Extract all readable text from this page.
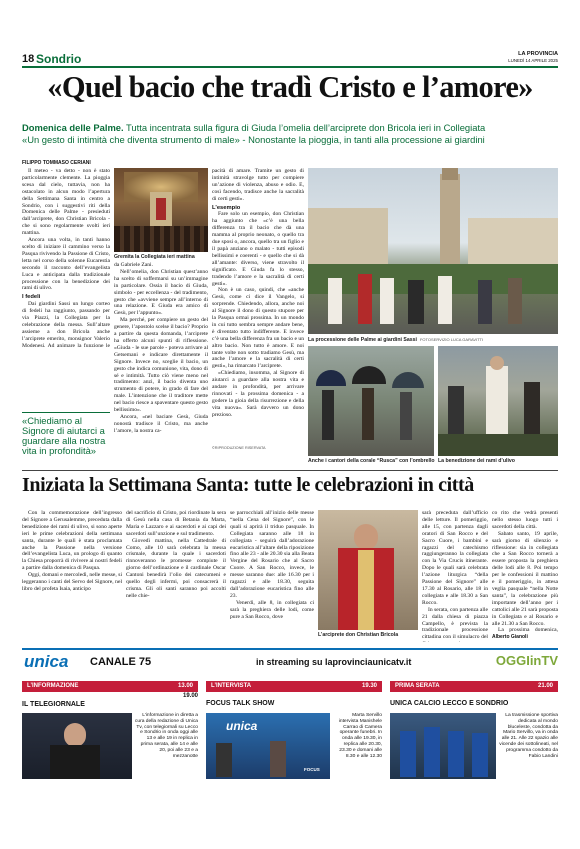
18 Sondrio	LA PROVINCIA
LUNEDÌ 14 APRILE 2025
«Quel bacio che tradì Cristo e l’amore»
Domenica delle Palme. Tutta incentrata sulla figura di Giuda l’omelia dell’arciprete don Bricola ieri in Collegiata
«Un gesto di intimità che diventa strumento di male» - Nonostante la pioggia, in tanti alla processione ai giardini
FILIPPO TOMMASO CERIANI

Il meteo - va detto - non è stato particolarmente clemente. La pioggia scesa dal cielo, tuttavia, non ha ostacolato in alcun modo l’apertura della Settimana Santa in centro a Sondrio, con i suggestivi riti della Domenica delle Palme - presieduti dall’arciprete, don Christian Bricola - che si sono regolarmente svolti ieri mattina.

Ancora una volta, in tanti hanno scelto di iniziare il cammino verso la Pasqua rivivendo la Passione di Cristo, letta nel corso della solenne Eucarestia secondo il racconto dell’evangelista Luca e anticipata dalla tradizionale processione con la benedizione dei rami di ulivo.

I fedeli

Dai giardini Sassi un lungo corteo di fedeli ha raggiunto, passando per via Piazzi, la Collegiata per la celebrazione della messa. Sull’altare assieme a don Bricola anche l’arciprete emerito, monsignor Valerio Modenesi. Ad animare la funzione le

«Chiediamo al Signore di aiutarci a guardare alla nostra vita in profondità»
Gremita la Collegiata ieri mattina

da Gabriele Zani.

Nell’omelia, don Christian quest’anno ha scelto di soffermarsi su un’immagine in particolare. Ossia il bacio di Giuda, simbolo - per eccellenza - del tradimento, gesto che «avviene sempre all’interno di una relazione. E Giuda era amico di Gesù, per l’appunto».

Ma perché, per compiere un gesto del genere, l’apostolo scelse il bacio? Proprio a partire da questa domanda, l’arciprete ha offerto alcuni spunti di riflessione. «Giuda - le sue parole - poteva arrivare al Getsemani e indicare direttamente il Signore. Invece no, sceglie il bacio, un gesto che indica comunione, vita, dono di sé e intimità. Tutto ciò viene meno nel tradimento: anzi, il bacio diventa uno strumento di potere, in grado di fare del male. L’intenzione che il traditore mette nel bacio riesce a spaventare questo gesto bellissimo».

Ancora, «nel baciare Gesù, Giuda nonostà tradisce il Cristo, ma anche l’amore, la nostra ca-

pacità di amare. Tramite un gesto di intimità stravolge tutto per compiere un’azione di violenza, abuso e odio. E, così facendo, tradisce anche la sacralità di certi gesti».

L’esempio

Fare solo un esempio, don Christian ha aggiunto che «c’è una bella differenza tra il bacio che dà una mamma al proprio neonato, o quello tra due sposi o, ancora, quello tra un figlio e il papà anziano o malato - tutti episodi bellissimi e coerenti - e quello che si dà all’amante: diverso, viene stravolto il significato. E Giuda fa lo stesso, tradendo l’amore e la sacralità di certi gesti».

Non è un caso, quindi, che «anche Gesù, come ci dice il Vangelo, si sorprende. Chiedendo, allora, anche noi al Signore il dono di questo stupore per la Pasqua ormai prossima. In un mondo in cui tutto sembra sempre andare bene, è diventato tutto indifferente. E invece c’è una bella differenza fra un bacio e un altro bacio. Non tutto è amore. E noi tante volte non sotto tradiamo Gesù, ma anche l’amore e la sacralità di certi gesti», ha rimarcato l’arciprete.

«Chiediamo, insomma, al Signore di aiutarci a guardare alla nostra vita e andare in profondità, per arrivare rinnovati - la prossima domenica - a godere la gioia della risurrezione e della vita nuova». Sarà davvero un dono prezioso.

©RIPRODUZIONE RISERVATA
La processione delle Palme ai giardini Sassi FOTOSERVIZIO LUCA GARAVITTI
Anche i cantori della corale “Rusca” con l’ombrello La benedizione dei rami d’ulivo
Iniziata la Settimana Santa: tutte le celebrazioni in città

Con la commemorazione dell’ingresso del Signore a Gerusalemme, preceduta dalla benedizione dei rami di ulivo, si sono aperte ieri le prime celebrazioni della settimana santa, durante le quali è stata proclamata anche la Passione nella versione dell’evangelista Luca, un prologo di quanto la Chiesa proporrà di rivivere ai nostri fedeli a partire dalla domenica di Pasqua.

Oggi, domani e mercoledì, nelle messe, si leggeranno i canti del Servo del Signore, nel libro del profeta Isaia, anticipo

del sacrificio di Cristo, poi riordinate la sera di Gesù nella casa di Betania da Marta, Maria e Lazzaro e ai sacerdoti e ai capi dei sacerdoti sull’unzione e sul tradimento.

Giovedì mattina, nella Cattedrale di Como, alle 10 sarà celebrata la messa crismale, durante la quale i sacerdoti rinnoveranno le promesse compiute il giorno dell’ordinazione e il cardinale Oscar Cantoni benedirà l’olio dei catecumeni e quello degli infermi, poi consacrerà il crisma. Gli oli santi saranno poi accolti nelle chie-

se parrocchiali all’inizio delle messe “nella Cena del Signore”, con le quali si aprirà il triduo pasquale. In Collegiata saranno alle 18 in collegiata - seguirà dall’adorazione eucaristica all’altare della riposizione fino alle 23 - alle 20.30 sia alla Beata Vergine del Rosario che al Sacro Cuore. A San Rocco, invece, le messe saranno due: alle 16.30 per i ragazzi e alle 18.30, seguita dall’adorazione eucaristica fino alle 23.

Venerdì, alle 8, in collegiata ci sarà la preghiera delle lodi, come pure a San Rocco, dove

L’arciprete don Christian Bricola

sarà preceduta dall’ufficio delle letture. Il pomeriggio, alle 15, con partenza dagli oratori di San Rocco e del Sacro Cuore, i bambini e ragazzi del catechismo raggiungeranno la collegiata con la Via Crucis itinerante. Dopo le quali sarà celebrata l’azione liturgica “della Passione del Signore” alle 17.30 al Rosario, alle 18 in collegiata e alle 18.30 a San Rocco.

In serata, con partenza alle 21 dalla chiesa di piazza Campello, è prevista la tradizionale processione cittadina con il simulacro del

co rito che vedrà presenti nello stesso luogo tutti i sacerdoti della città.

Sabato santo, 19 aprile, sarà giorno di silenzio e riflessione: sia in collegiata che a San Rocco tornerà a essere proposta la preghiera delle lodi alle 8. Poi tempo per le confessioni il mattino e il pomeriggio, in attesa veglia pasquale “nella Notte santa”, la celebrazione più importante dell’anno per i cattolici alle 21 sarà proposta in Collegiata e al Rosario e alle 21.30 a San Rocco.

La prossima domenica,

Alberto Gianoli
unica CANALE 75	in streaming su laprovinciaunicatv.it	OGGIinTV
L’INFORMAZIONE	13.00
19.00
IL TELEGIORNALE
L’informazione in diretta a cura della redazione di Unica Tv, con telegiornali su Lecco e Sondrio in onda oggi alle 13 e alle 19 in replica in prima serata, alle 14 e alle 20, poi alle 23 e a mezzanotte
L’INTERVISTA	19.30
FOCUS TALK SHOW
unica
FOCUS
Marta Servillo intervista Manishele Carrao di Camera operante funebri. In onda alle 19.30, in replica alle 20.30, 23.30 e domani alle 8.30 e alle 12.30
PRIMA SERATA	21.00
UNICA CALCIO LECCO E SONDRIO
La trasmissione sportiva dedicata al mondo bluceleste, condotta da Mario Servillo, va in onda alle 21. Alle 22 spazio alle vicende dei sottolineati, nel programma condotto da Fabio Landini
